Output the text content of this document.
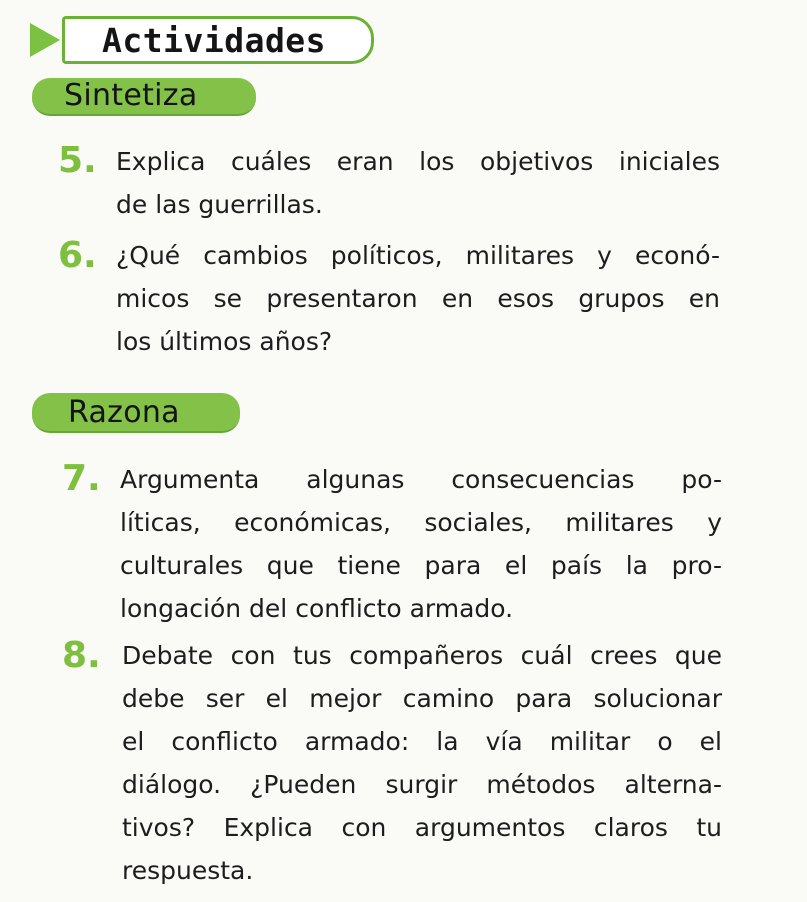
Actividades
Sintetiza
5. Explica cuáles eran los objetivos iniciales
de las guerrillas.
6. ¿Qué cambios políticos, militares y econó-
micos se presentaron en esos grupos en
los últimos años?
Razona
7. Argumenta algunas consecuencias po-
líticas, económicas, sociales, militares y
culturales que tiene para el país la pro-
longación del conflicto armado.
8. Debate con tus compañeros cuál crees que
debe ser el mejor camino para solucionar
el conflicto armado: la vía militar o el
diálogo. ¿Pueden surgir métodos alterna-
tivos? Explica con argumentos claros tu
respuesta.
